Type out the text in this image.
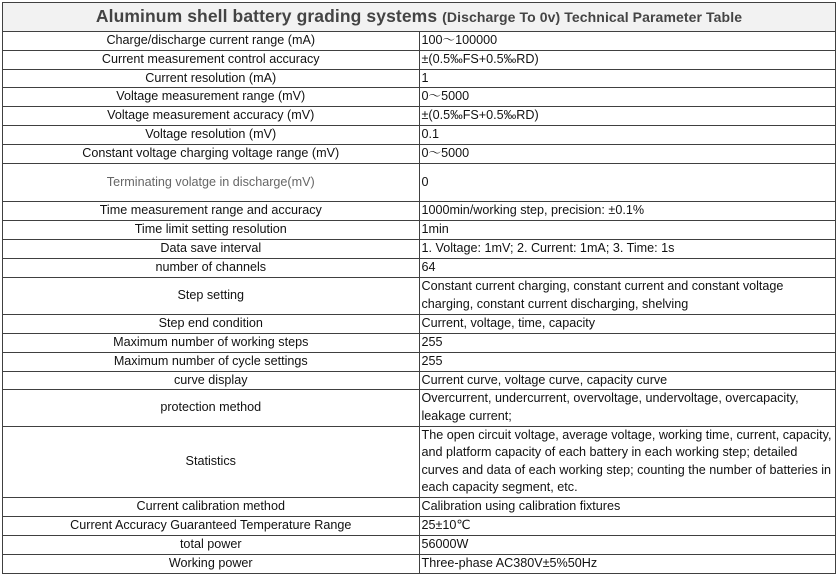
Aluminum shell battery grading systems (Discharge To 0v) Technical Parameter Table	
Charge/discharge current range (mA)	100～100000
Current measurement control accuracy	±(0.5‰FS+0.5‰RD)
Current resolution (mA)	1
Voltage measurement range (mV)	0～5000
Voltage measurement accuracy (mV)	±(0.5‰FS+0.5‰RD)
Voltage resolution (mV)	0.1
Constant voltage charging voltage range (mV)	0～5000
Terminating volatge in discharge(mV)	0
Time measurement range and accuracy	1000min/working step, precision: ±0.1%
Time limit setting resolution	1min
Data save interval	1. Voltage: 1mV; 2. Current: 1mA; 3. Time: 1s
number of channels	64
Step setting	Constant current charging, constant current and constant voltage charging, constant current discharging, shelving
Step end condition	Current, voltage, time, capacity
Maximum number of working steps	255
Maximum number of cycle settings	255
curve display	Current curve, voltage curve, capacity curve
protection method	Overcurrent, undercurrent, overvoltage, undervoltage, overcapacity, leakage current;
Statistics	The open circuit voltage, average voltage, working time, current, capacity, and platform capacity of each battery in each working step; detailed curves and data of each working step; counting the number of batteries in each capacity segment, etc.
Current calibration method	Calibration using calibration fixtures
Current Accuracy Guaranteed Temperature Range	25±10℃
total power	56000W
Working power	Three-phase AC380V±5%50Hz
